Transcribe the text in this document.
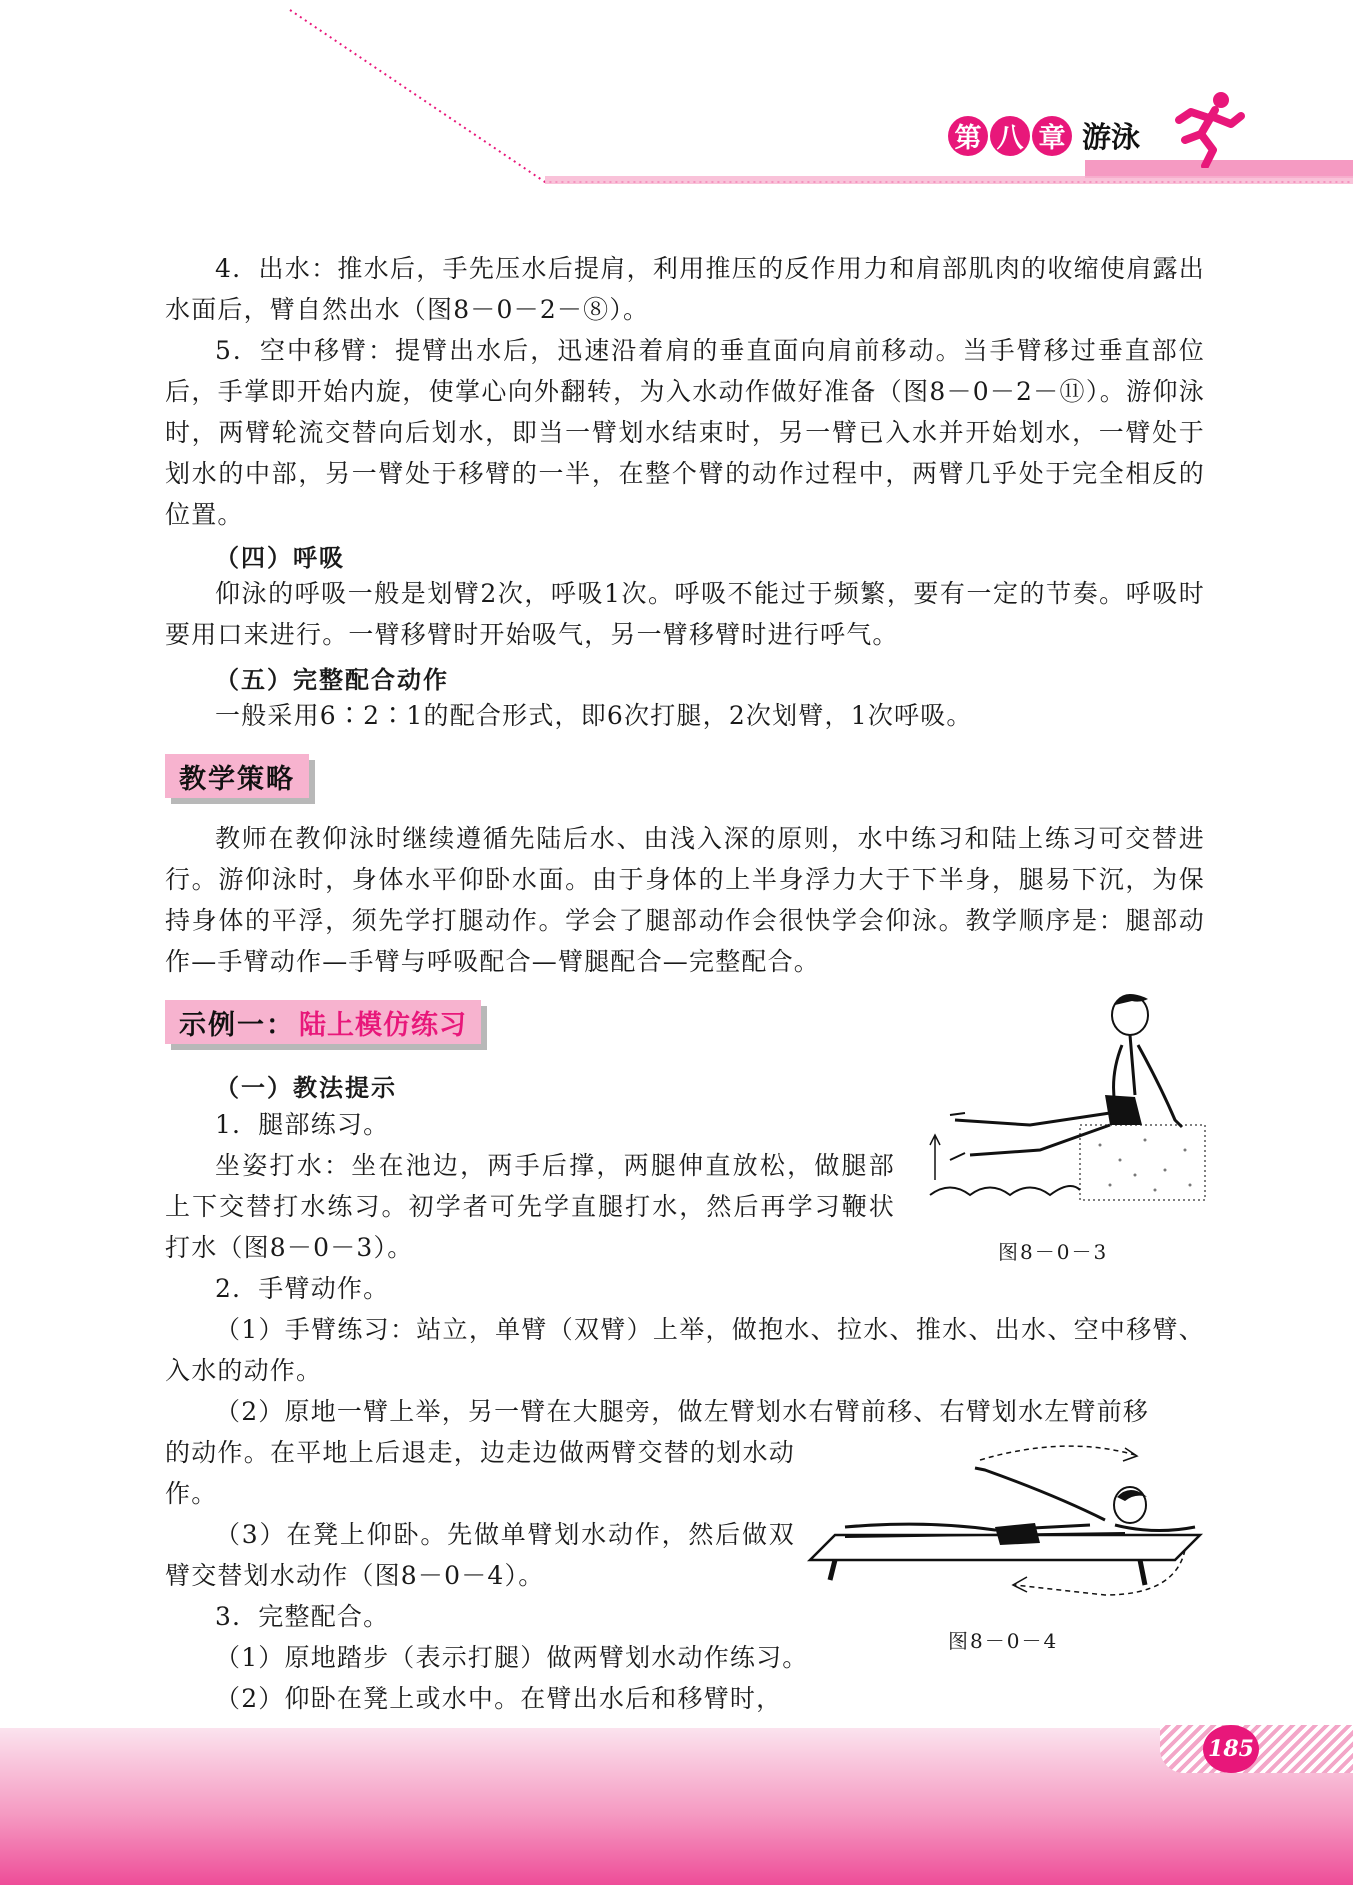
第 八 章 游泳

4．出水：推水后，手先压水后提肩，利用推压的反作用力和肩部肌肉的收缩使肩露出水面后，臂自然出水（图8－0－2－⑧）。

5．空中移臂：提臂出水后，迅速沿着肩的垂直面向肩前移动。当手臂移过垂直部位后，手掌即开始内旋，使掌心向外翻转，为入水动作做好准备（图8－0－2－⑪）。游仰泳时，两臂轮流交替向后划水，即当一臂划水结束时，另一臂已入水并开始划水，一臂处于划水的中部，另一臂处于移臂的一半，在整个臂的动作过程中，两臂几乎处于完全相反的位置。

（四）呼吸

仰泳的呼吸一般是划臂2次，呼吸1次。呼吸不能过于频繁，要有一定的节奏。呼吸时要用口来进行。一臂移臂时开始吸气，另一臂移臂时进行呼气。

（五）完整配合动作

一般采用6∶2∶1的配合形式，即6次打腿，2次划臂，1次呼吸。

教学策略

教师在教仰泳时继续遵循先陆后水、由浅入深的原则，水中练习和陆上练习可交替进行。游仰泳时，身体水平仰卧水面。由于身体的上半身浮力大于下半身，腿易下沉，为保持身体的平浮，须先学打腿动作。学会了腿部动作会很快学会仰泳。教学顺序是：腿部动作—手臂动作—手臂与呼吸配合—臂腿配合—完整配合。

示例一： 陆上模仿练习

（一）教法提示

1．腿部练习。

坐姿打水：坐在池边，两手后撑，两腿伸直放松，做腿部上下交替打水练习。初学者可先学直腿打水，然后再学习鞭状打水（图8－0－3）。	图8－0－3

2．手臂动作。

（1）手臂练习：站立，单臂（双臂）上举，做抱水、拉水、推水、出水、空中移臂、入水的动作。

（2）原地一臂上举，另一臂在大腿旁，做左臂划水右臂前移、右臂划水左臂前移

的动作。在平地上后退走，边走边做两臂交替的划水动作。

（3）在凳上仰卧。先做单臂划水动作，然后做双臂交替划水动作（图8－0－4）。

图8－0－4

3．完整配合。

（1）原地踏步（表示打腿）做两臂划水动作练习。

（2）仰卧在凳上或水中。在臂出水后和移臂时，

185
